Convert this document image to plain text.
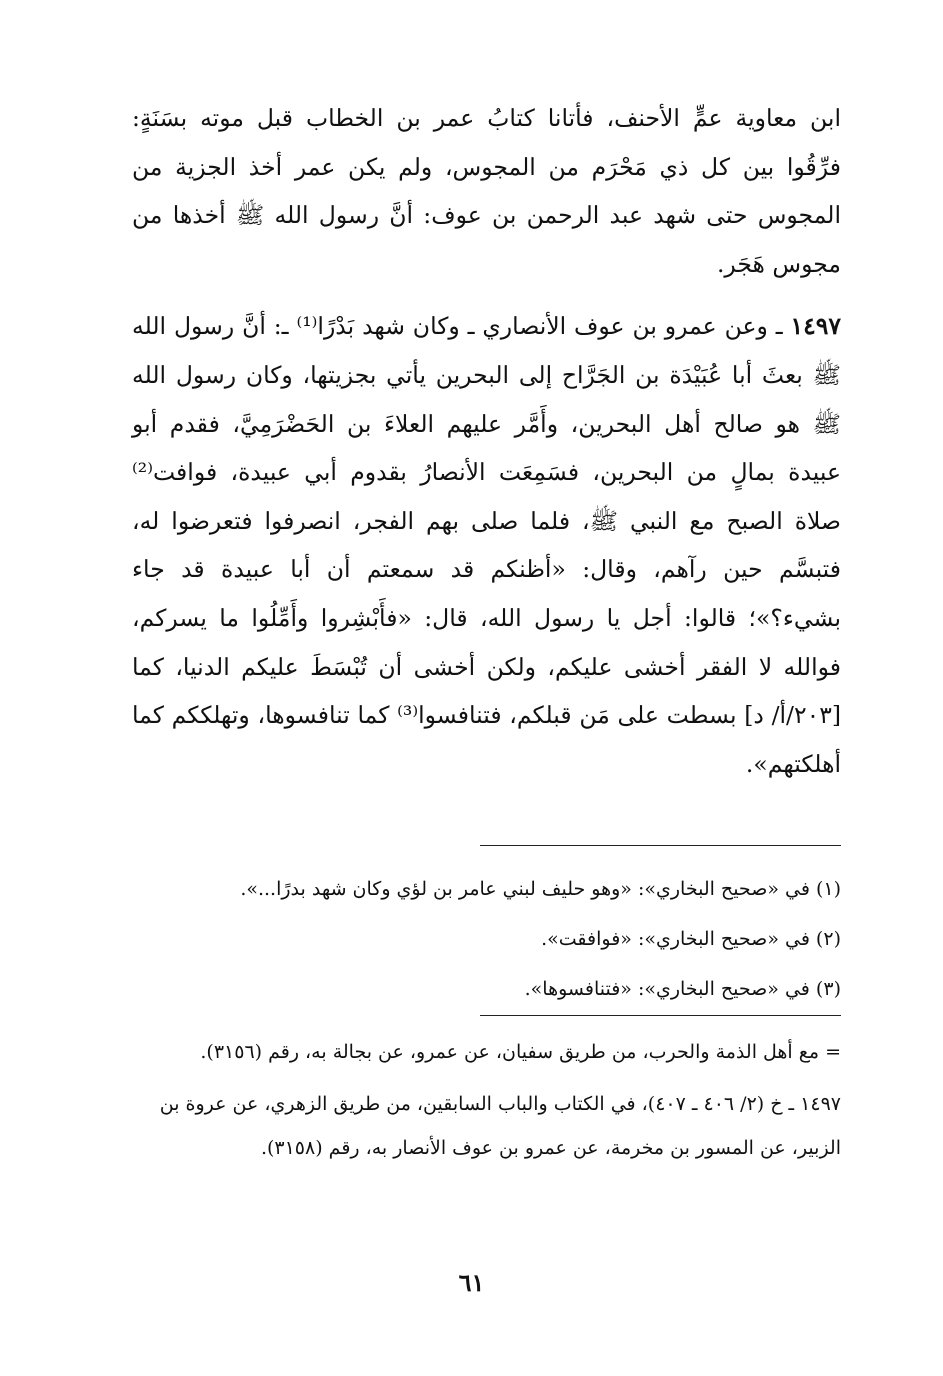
ابن معاوية عمٍّ الأحنف، فأتانا كتابُ عمر بن الخطاب قبل موته بسَنَةٍ: فرِّقُوا بين كل ذي مَحْرَم من المجوس، ولم يكن عمر أخذ الجزية من المجوس حتى شهد عبد الرحمن بن عوف: أنَّ رسول الله ﷺ أخذها من مجوس هَجَر.

١٤٩٧ ـ وعن عمرو بن عوف الأنصاري ـ وكان شهد بَدْرًا⁽¹⁾ ـ: أنَّ رسول الله ﷺ بعثَ أبا عُبَيْدَة بن الجَرَّاح إلى البحرين يأتي بجزيتها، وكان رسول الله ﷺ هو صالح أهل البحرين، وأَمَّر عليهم العلاءَ بن الحَضْرَمِيَّ، فقدم أبو عبيدة بمالٍ من البحرين، فسَمِعَت الأنصارُ بقدوم أبي عبيدة، فوافت⁽²⁾ صلاة الصبح مع النبي ﷺ، فلما صلى بهم الفجر، انصرفوا فتعرضوا له، فتبسَّم حين رآهم، وقال: «أظنكم قد سمعتم أن أبا عبيدة قد جاء بشيء؟»؛ قالوا: أجل يا رسول الله، قال: «فأَبْشِروا وأَمِّلُوا ما يسركم، فوالله لا الفقر أخشى عليكم، ولكن أخشى أن تُبْسَطَ عليكم الدنيا، كما [٢٠٣/أ/ د] بسطت على مَن قبلكم، فتنافسوا⁽³⁾ كما تنافسوها، وتهلككم كما أهلكتهم».

(١) في «صحيح البخاري»: «وهو حليف لبني عامر بن لؤي وكان شهد بدرًا...».

(٢) في «صحيح البخاري»: «فوافقت».

(٣) في «صحيح البخاري»: «فتنافسوها».

= مع أهل الذمة والحرب، من طريق سفيان، عن عمرو، عن بجالة به، رقم (٣١٥٦).

١٤٩٧ ـ خ (٢/ ٤٠٦ ـ ٤٠٧)، في الكتاب والباب السابقين، من طريق الزهري، عن عروة بن الزبير، عن المسور بن مخرمة، عن عمرو بن عوف الأنصار به، رقم (٣١٥٨).

٦١
